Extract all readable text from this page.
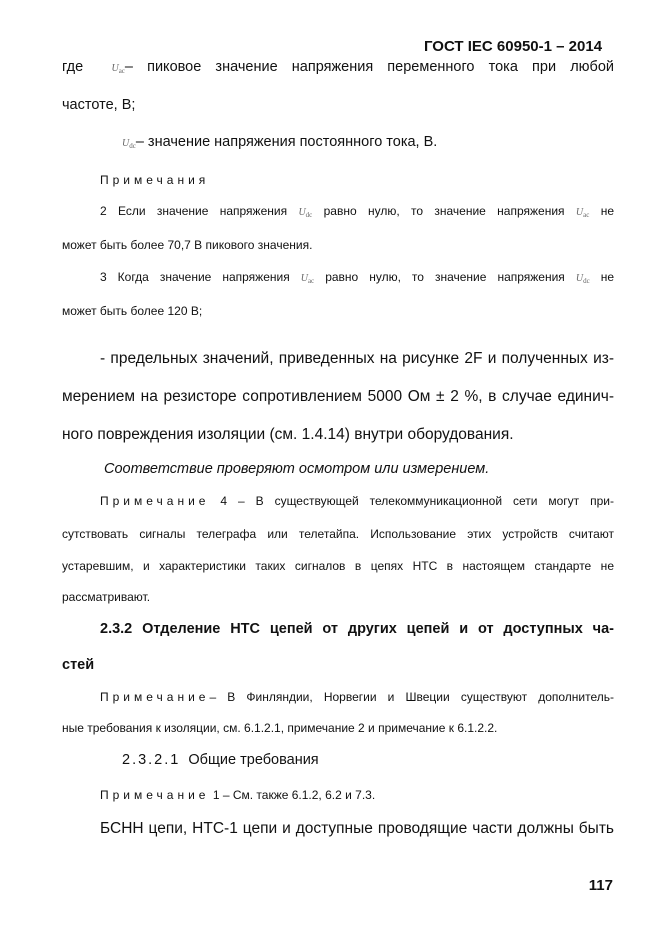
ГОСТ IEC 60950-1 – 2014
где	$U_{ac}-$ пиковое значение напряжения переменного тока при любой
частоте, В;
$U_{dc}-$ значение напряжения постоянного тока, В.
Примечания
2 Если значение напряжения $U_{dc}$ равно нулю, то значение напряжения $U_{ac}$ не
может быть более 70,7 В пикового значения.
3 Когда значение напряжения $U_{ac}$ равно нулю, то значение напряжения $U_{dc}$ не
может быть более 120 В;
- предельных значений, приведенных на рисунке 2F и полученных из-
мерением на резисторе сопротивлением 5000 Ом ± 2 %, в случае единич-
ного повреждения изоляции (см. 1.4.14) внутри оборудования.
Соответствие проверяют осмотром или измерением.
Примечание 4 – В существующей телекоммуникационной сети могут при-
сутствовать сигналы телеграфа или телетайпа. Использование этих устройств считают
устаревшим, и характеристики таких сигналов в цепях НТС в настоящем стандарте не
рассматривают.
2.3.2 Отделение НТС цепей от других цепей и от доступных ча-
стей
Примечание– В Финляндии, Норвегии и Швеции существуют дополнитель-
ные требования к изоляции, см. 6.1.2.1, примечание 2 и примечание к 6.1.2.2.
2.3.2.1 Общие требования
Примечание 1 – См. также 6.1.2, 6.2 и 7.3.
БСНН цепи, НТС-1 цепи и доступные проводящие части должны быть
117
